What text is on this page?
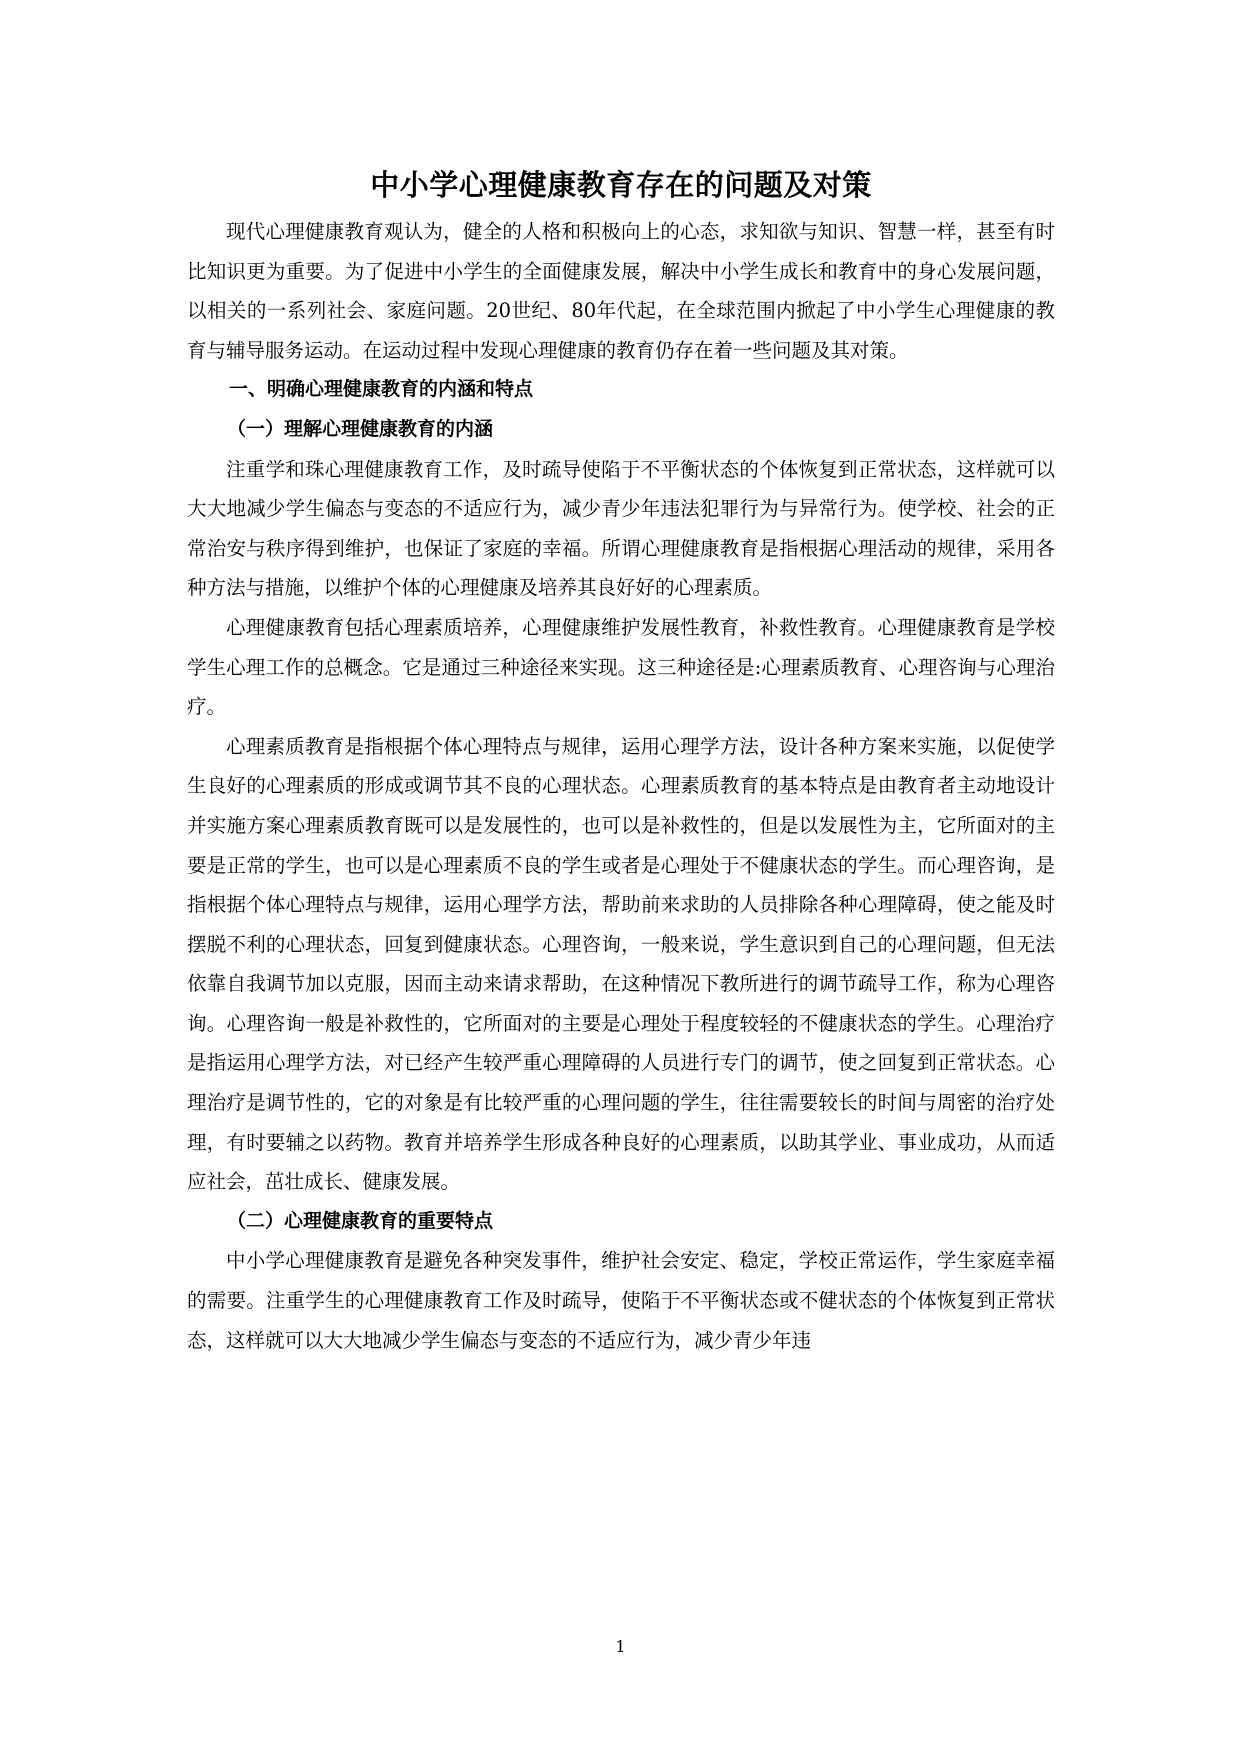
中小学心理健康教育存在的问题及对策

现代心理健康教育观认为，健全的人格和积极向上的心态，求知欲与知识、智慧一样，甚至有时比知识更为重要。为了促进中小学生的全面健康发展，解决中小学生成长和教育中的身心发展问题，以相关的一系列社会、家庭问题。20世纪、80年代起，在全球范围内掀起了中小学生心理健康的教育与辅导服务运动。在运动过程中发现心理健康的教育仍存在着一些问题及其对策。

一、明确心理健康教育的内涵和特点

（一）理解心理健康教育的内涵

注重学和珠心理健康教育工作，及时疏导使陷于不平衡状态的个体恢复到正常状态，这样就可以大大地减少学生偏态与变态的不适应行为，减少青少年违法犯罪行为与异常行为。使学校、社会的正常治安与秩序得到维护，也保证了家庭的幸福。所谓心理健康教育是指根据心理活动的规律，采用各种方法与措施，以维护个体的心理健康及培养其良好好的心理素质。

心理健康教育包括心理素质培养，心理健康维护发展性教育，补救性教育。心理健康教育是学校学生心理工作的总概念。它是通过三种途径来实现。这三种途径是:心理素质教育、心理咨询与心理治疗。

心理素质教育是指根据个体心理特点与规律，运用心理学方法，设计各种方案来实施，以促使学生良好的心理素质的形成或调节其不良的心理状态。心理素质教育的基本特点是由教育者主动地设计并实施方案心理素质教育既可以是发展性的，也可以是补救性的，但是以发展性为主，它所面对的主要是正常的学生，也可以是心理素质不良的学生或者是心理处于不健康状态的学生。而心理咨询，是指根据个体心理特点与规律，运用心理学方法，帮助前来求助的人员排除各种心理障碍，使之能及时摆脱不利的心理状态，回复到健康状态。心理咨询，一般来说，学生意识到自己的心理问题，但无法依靠自我调节加以克服，因而主动来请求帮助，在这种情况下教所进行的调节疏导工作，称为心理咨询。心理咨询一般是补救性的，它所面对的主要是心理处于程度较轻的不健康状态的学生。心理治疗是指运用心理学方法，对已经产生较严重心理障碍的人员进行专门的调节，使之回复到正常状态。心理治疗是调节性的，它的对象是有比较严重的心理问题的学生，往往需要较长的时间与周密的治疗处理，有时要辅之以药物。教育并培养学生形成各种良好的心理素质，以助其学业、事业成功，从而适应社会，茁壮成长、健康发展。

（二）心理健康教育的重要特点

中小学心理健康教育是避免各种突发事件，维护社会安定、稳定，学校正常运作，学生家庭幸福的需要。注重学生的心理健康教育工作及时疏导，使陷于不平衡状态或不健状态的个体恢复到正常状态，这样就可以大大地减少学生偏态与变态的不适应行为，减少青少年违

1
